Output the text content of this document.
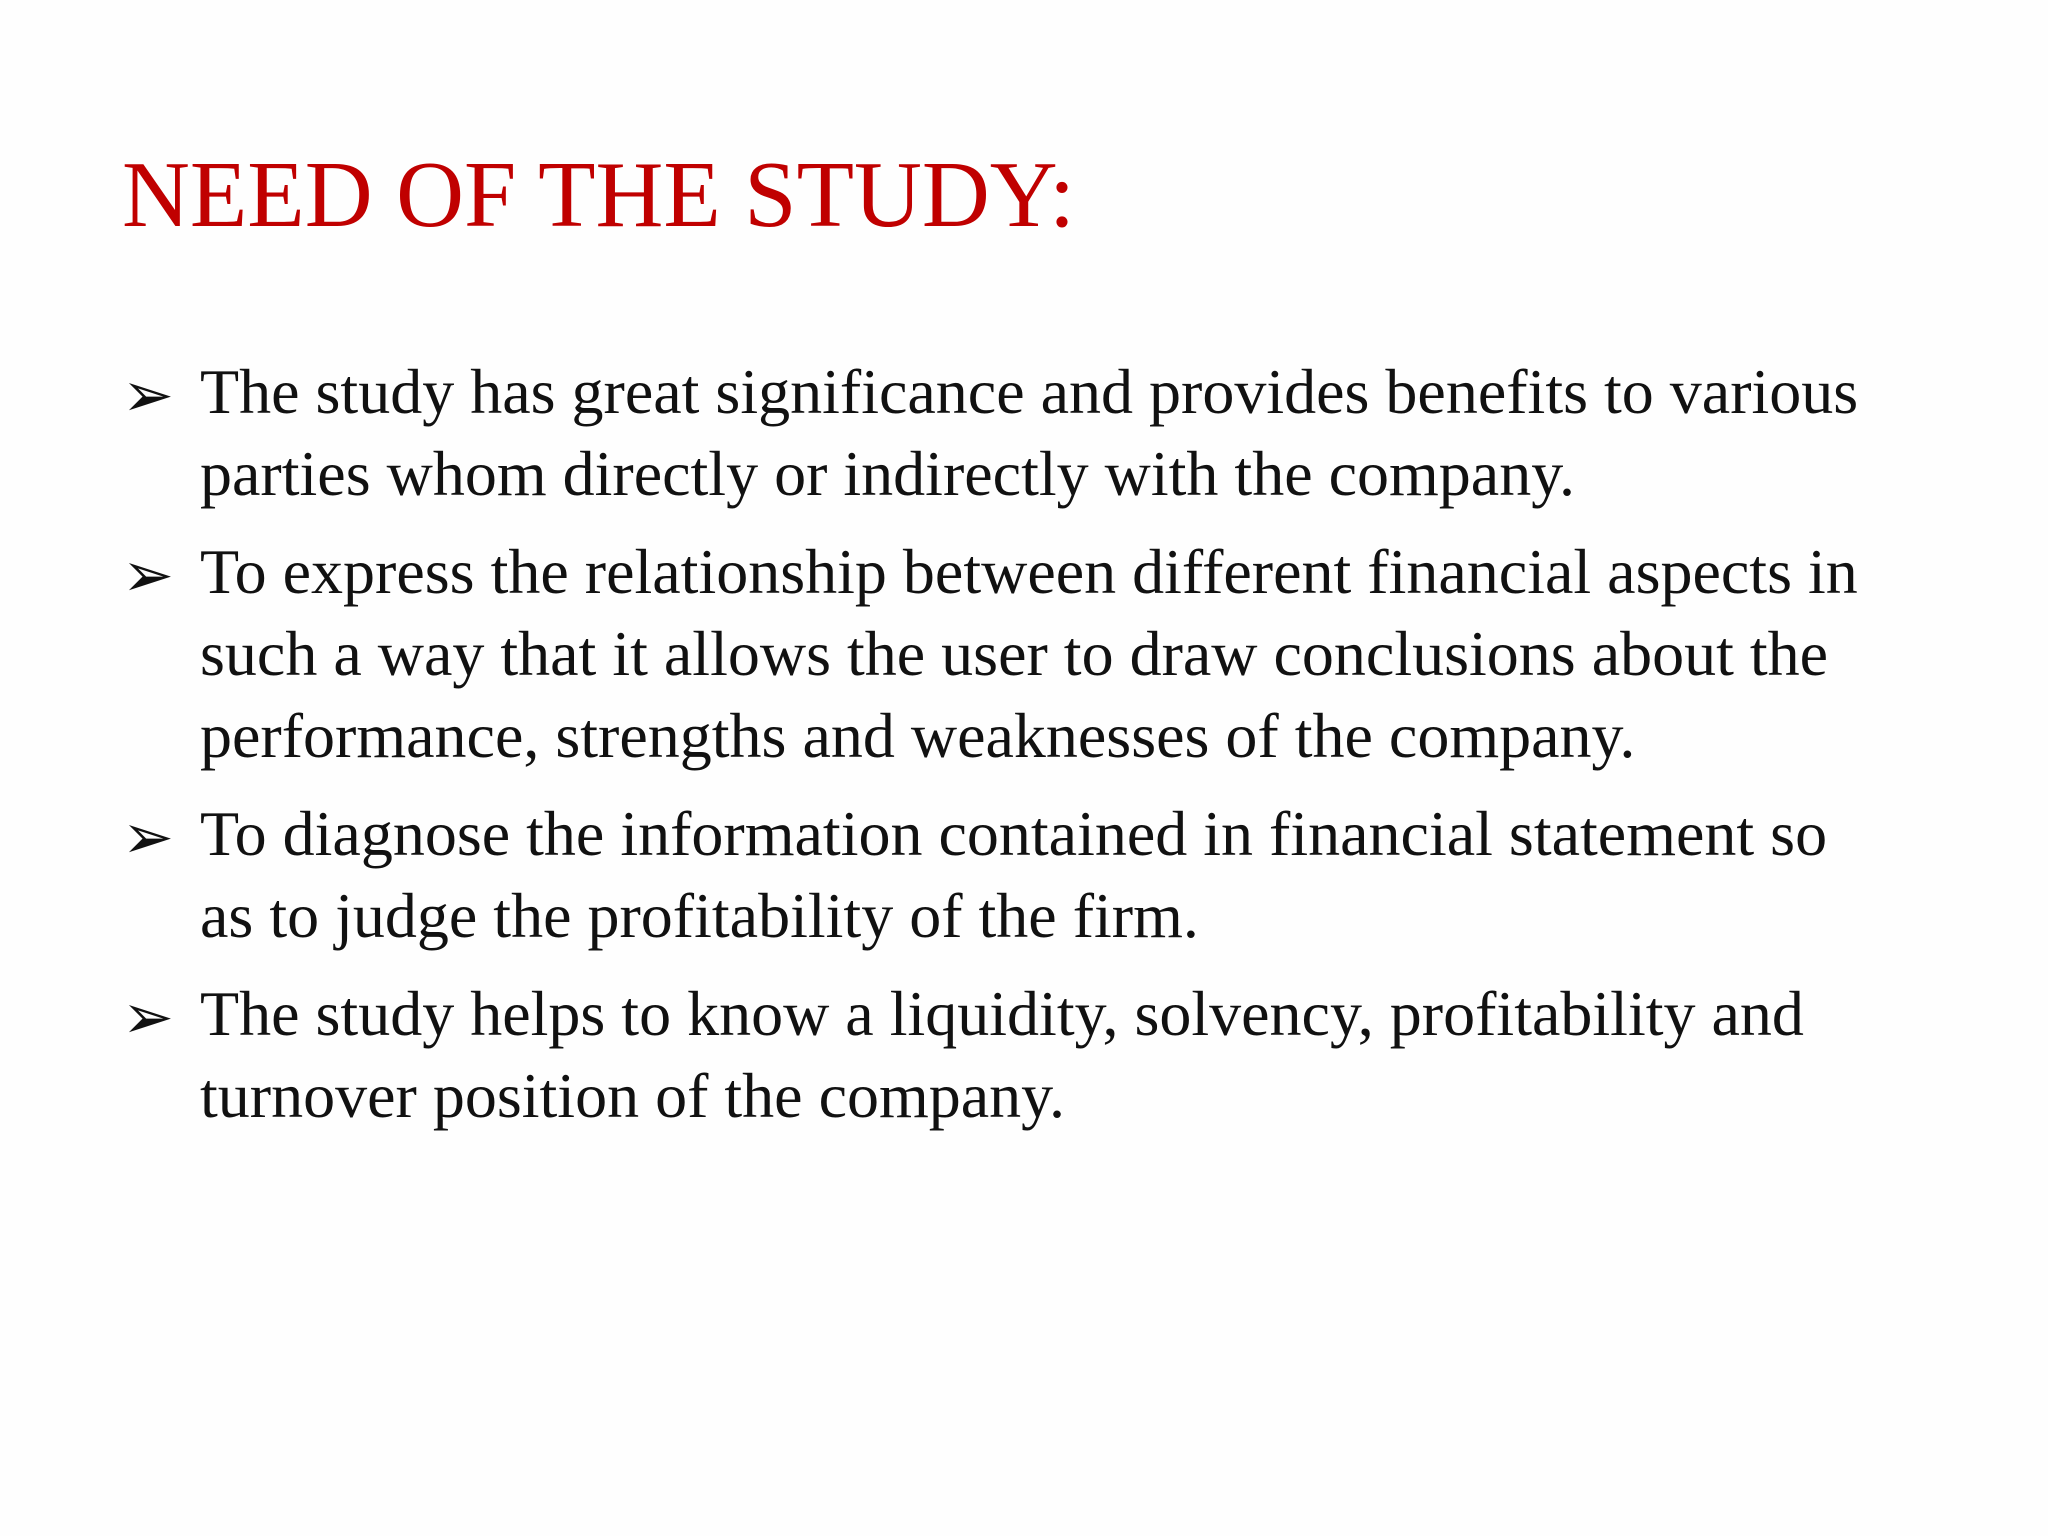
NEED OF THE STUDY:
➢ The study has great significance and provides benefits to various
parties whom directly or indirectly with the company.
➢ To express the relationship between different financial aspects in
such a way that it allows the user to draw conclusions about the
performance, strengths and weaknesses of the company.
➢ To diagnose the information contained in financial statement so
as to judge the profitability of the firm.
➢ The study helps to know a liquidity, solvency, profitability and
turnover position of the company.
